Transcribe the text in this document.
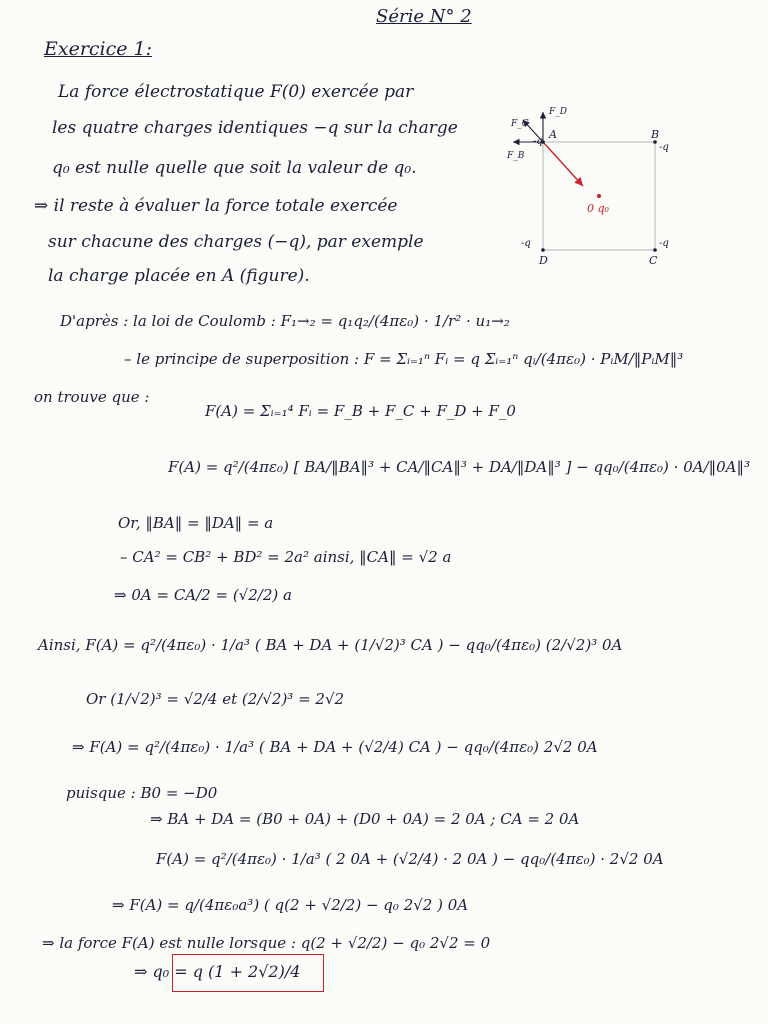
Série N° 2
Exercice 1:
La force électrostatique F(0) exercée par
les quatre charges identiques −q sur la charge
q₀ est nulle quelle que soit la valeur de q₀.
⇒ il reste à évaluer la force totale exercée
sur chacune des charges (−q), par exemple
la charge placée en A (figure).
D'après : la loi de Coulomb : F₁→₂ = q₁q₂/(4πε₀) · 1/r² · u₁→₂
– le principe de superposition : F = Σᵢ₌₁ⁿ Fᵢ = q Σᵢ₌₁ⁿ qᵢ/(4πε₀) · PᵢM/‖PᵢM‖³
on trouve que :
F(A) = Σᵢ₌₁⁴ Fᵢ = F_B + F_C + F_D + F_0
F(A) = q²/(4πε₀) [ BA/‖BA‖³ + CA/‖CA‖³ + DA/‖DA‖³ ] − qq₀/(4πε₀) · 0A/‖0A‖³
Or, ‖BA‖ = ‖DA‖ = a
– CA² = CB² + BD² = 2a² ainsi, ‖CA‖ = √2 a
⇒ 0A = CA/2 = (√2/2) a
Ainsi, F(A) = q²/(4πε₀) · 1/a³ ( BA + DA + (1/√2)³ CA ) − qq₀/(4πε₀) (2/√2)³ 0A
Or (1/√2)³ = √2/4 et (2/√2)³ = 2√2
⇒ F(A) = q²/(4πε₀) · 1/a³ ( BA + DA + (√2/4) CA ) − qq₀/(4πε₀) 2√2 0A
puisque : B0 = −D0
⇒ BA + DA = (B0 + 0A) + (D0 + 0A) = 2 0A ; CA = 2 0A
F(A) = q²/(4πε₀) · 1/a³ ( 2 0A + (√2/4) · 2 0A ) − qq₀/(4πε₀) · 2√2 0A
⇒ F(A) = q/(4πε₀a³) ( q(2 + √2/2) − q₀ 2√2 ) 0A
⇒ la force F(A) est nulle lorsque : q(2 + √2/2) − q₀ 2√2 = 0
⇒ q₀ = q (1 + 2√2)/4
A
-q
B
-q
C
-q
D
-q
0 q₀
F_C
F_D
F_B
